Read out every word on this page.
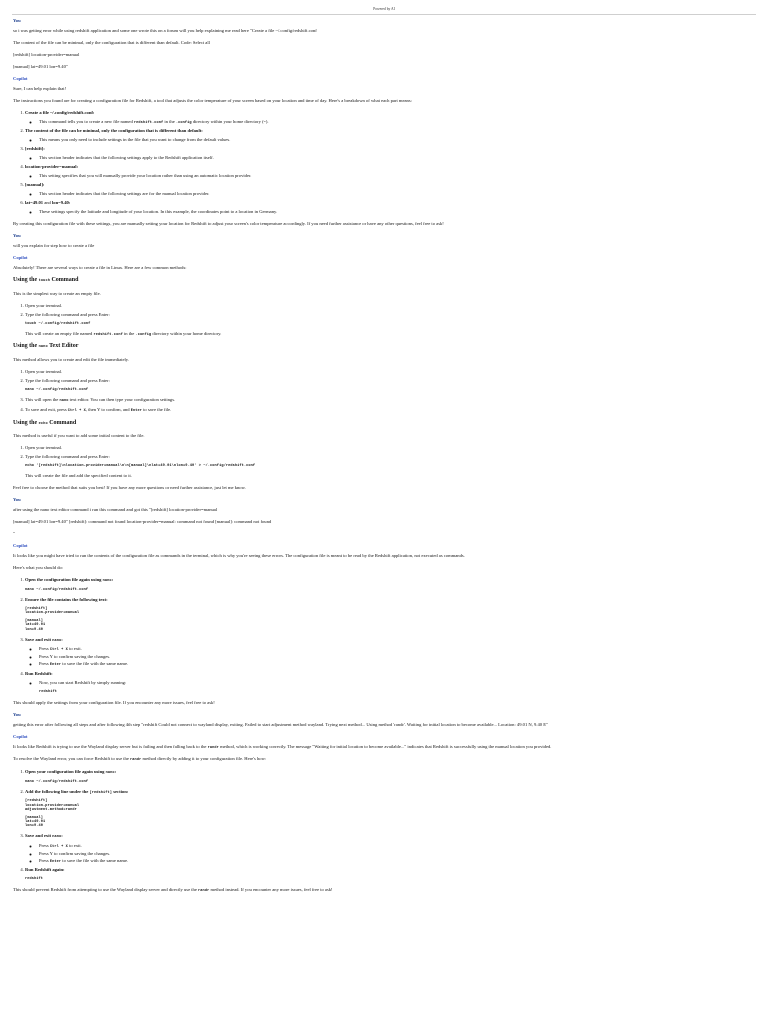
Powered by AI
You

so i was getting error while using redshift application and some one wrote this on a forum will you help explaining me read here "Create a file ~/.config/redshift.conf

The content of the file can be minimal, only the configuration that is different than default. Code: Select all

[redshift] location-provider=manual

[manual] lat=49.01 lon=9.40"

Copilot

Sure, I can help explain that!

The instructions you found are for creating a configuration file for Redshift, a tool that adjusts the color temperature of your screen based on your location and time of day. Here's a breakdown of what each part means:

1. Create a file ~/.config/redshift.conf:
◦ This command tells you to create a new file named redshift.conf in the .config directory within your home directory (~).
2. The content of the file can be minimal, only the configuration that is different than default:
◦ This means you only need to include settings in the file that you want to change from the default values.
3. [redshift]:
◦ This section header indicates that the following settings apply to the Redshift application itself.
4. location-provider=manual:
◦ This setting specifies that you will manually provide your location rather than using an automatic location provider.
5. [manual]:
◦ This section header indicates that the following settings are for the manual location provider.
6. lat=49.01 and lon=9.40:
◦ These settings specify the latitude and longitude of your location. In this example, the coordinates point to a location in Germany.

By creating this configuration file with these settings, you are manually setting your location for Redshift to adjust your screen's color temperature accordingly. If you need further assistance or have any other questions, feel free to ask!

You

will you explain for step how to create a file

Copilot

Absolutely! There are several ways to create a file in Linux. Here are a few common methods:

Using the touch Command

This is the simplest way to create an empty file.

1. Open your terminal.
2. Type the following command and press Enter:
touch ~/.config/redshift.conf
This will create an empty file named redshift.conf in the .config directory within your home directory.
Using the nano Text Editor

This method allows you to create and edit the file immediately.

1. Open your terminal.
2. Type the following command and press Enter:
nano ~/.config/redshift.conf
3. This will open the nano text editor. You can then type your configuration settings.
4. To save and exit, press Ctrl + X, then Y to confirm, and Enter to save the file.
Using the echo Command

This method is useful if you want to add some initial content to the file.

1. Open your terminal.
2. Type the following command and press Enter:
echo '[redshift]\nlocation-provider=manual\n\n[manual]\nlat=49.01\nlon=9.40' > ~/.config/redshift.conf
This will create the file and add the specified content to it.

Feel free to choose the method that suits you best! If you have any more questions or need further assistance, just let me know.

You

after using the nano text editor command i run this command and got this "[redshift] location-provider=manual

[manual] lat=49.01 lon=9.40" [redshift]: command not found location-provider=manual: command not found [manual]: command not found

"

Copilot

It looks like you might have tried to run the contents of the configuration file as commands in the terminal, which is why you're seeing these errors. The configuration file is meant to be read by the Redshift application, not executed as commands.

Here's what you should do:

1. Open the configuration file again using nano:
nano ~/.config/redshift.conf
2. Ensure the file contains the following text:
[redshift]
location-provider=manual

[manual]
lat=49.01
lon=9.40
3. Save and exit nano:
◦ Press Ctrl + X to exit.
◦ Press Y to confirm saving the changes.
◦ Press Enter to save the file with the same name.
4. Run Redshift:
◦ Now, you can start Redshift by simply running:
redshift

This should apply the settings from your configuration file. If you encounter any more issues, feel free to ask!

You

getting this error after following all steps and after following 4th step "redshift Could not connect to wayland display, exiting. Failed to start adjustment method wayland. Trying next method... Using method 'randr'. Waiting for initial location to become available... Location: 49.01 N, 9.40 E"

Copilot

It looks like Redshift is trying to use the Wayland display server but is failing and then falling back to the randr method, which is working correctly. The message "Waiting for initial location to become available..." indicates that Redshift is successfully using the manual location you provided.

To resolve the Wayland error, you can force Redshift to use the randr method directly by adding it to your configuration file. Here's how:

1. Open your configuration file again using nano:
nano ~/.config/redshift.conf
2. Add the following line under the [redshift] section:
[redshift]
location-provider=manual
adjustment-method=randr

[manual]
lat=49.01
lon=9.40
3. Save and exit nano:
◦ Press Ctrl + X to exit.
◦ Press Y to confirm saving the changes.
◦ Press Enter to save the file with the same name.
4. Run Redshift again:
redshift

This should prevent Redshift from attempting to use the Wayland display server and directly use the randr method instead. If you encounter any more issues, feel free to ask!
